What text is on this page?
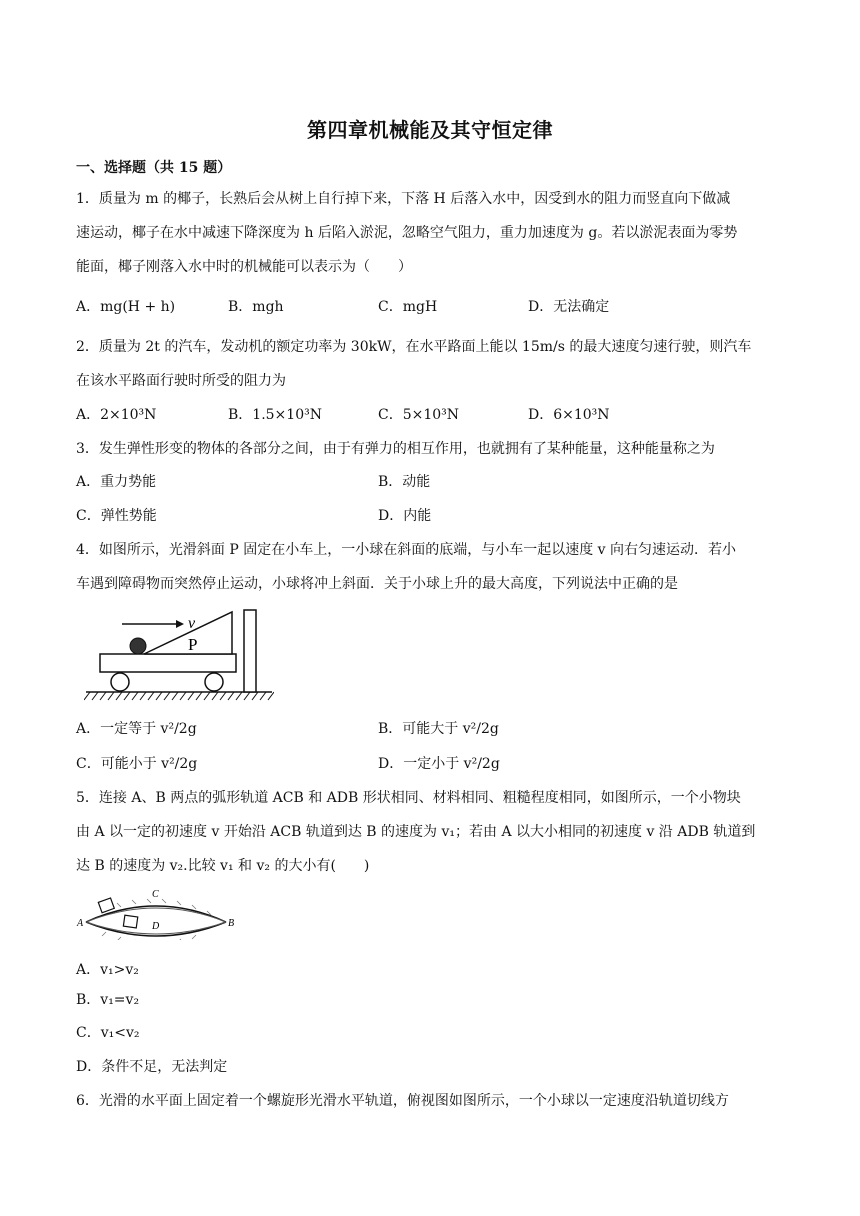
第四章机械能及其守恒定律
一、选择题（共 15 题）
1．质量为 m 的椰子，长熟后会从树上自行掉下来，下落 H 后落入水中，因受到水的阻力而竖直向下做减
速运动，椰子在水中减速下降深度为 h 后陷入淤泥，忽略空气阻力，重力加速度为 g。若以淤泥表面为零势
能面，椰子刚落入水中时的机械能可以表示为（　　）
A．mg(H + h)	B．mgh	C．mgH	D．无法确定
2．质量为 2t 的汽车，发动机的额定功率为 30kW，在水平路面上能以 15m/s 的最大速度匀速行驶，则汽车
在该水平路面行驶时所受的阻力为
A．2×10³N	B．1.5×10³N	C．5×10³N	D．6×10³N
3．发生弹性形变的物体的各部分之间，由于有弹力的相互作用，也就拥有了某种能量，这种能量称之为
A．重力势能	B．动能
C．弹性势能	D．内能
4．如图所示，光滑斜面 P 固定在小车上，一小球在斜面的底端，与小车一起以速度 v 向右匀速运动．若小
车遇到障碍物而突然停止运动，小球将冲上斜面．关于小球上升的最大高度，下列说法中正确的是
v
P
A．一定等于 v²/2g	B．可能大于 v²/2g
C．可能小于 v²/2g	D．一定小于 v²/2g
5．连接 A、B 两点的弧形轨道 ACB 和 ADB 形状相同、材料相同、粗糙程度相同，如图所示，一个小物块
由 A 以一定的初速度 v 开始沿 ACB 轨道到达 B 的速度为 v₁；若由 A 以大小相同的初速度 v 沿 ADB 轨道到
达 B 的速度为 v₂.比较 v₁ 和 v₂ 的大小有(　　)
A	B
C
D
A．v₁>v₂
B．v₁=v₂
C．v₁<v₂
D．条件不足，无法判定
6．光滑的水平面上固定着一个螺旋形光滑水平轨道，俯视图如图所示，一个小球以一定速度沿轨道切线方
